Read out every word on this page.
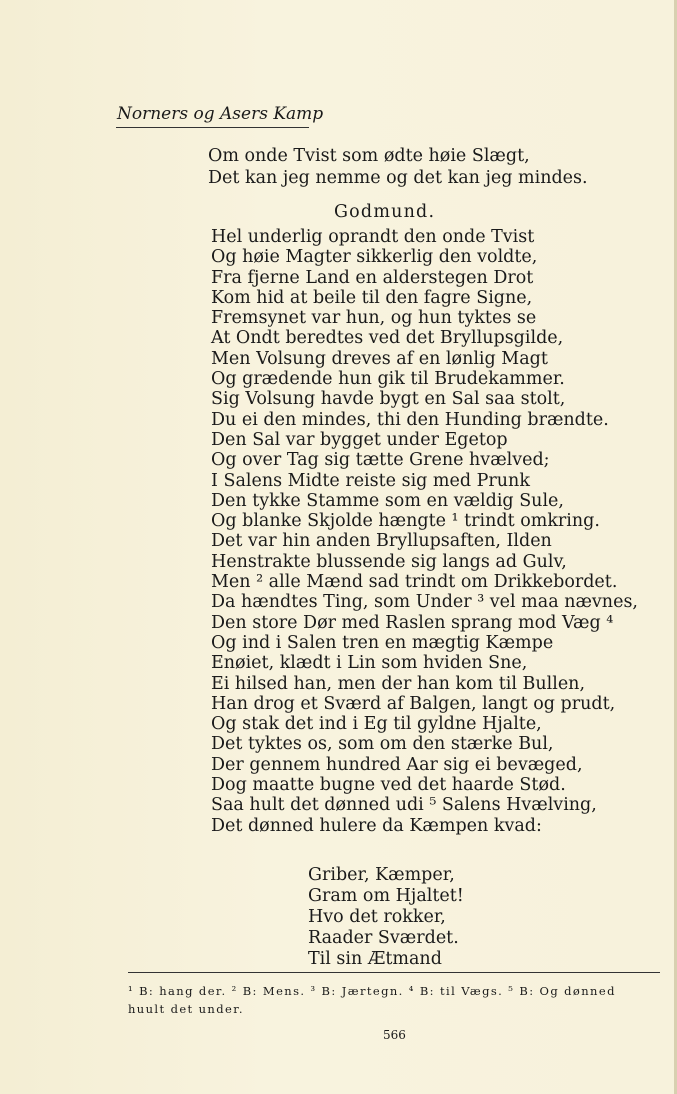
Norners og Asers Kamp
Om onde Tvist som ødte høie Slægt,
Det kan jeg nemme og det kan jeg mindes.
Godmund.
Hel underlig oprandt den onde Tvist
Og høie Magter sikkerlig den voldte,
Fra fjerne Land en alderstegen Drot
Kom hid at beile til den fagre Signe,
Fremsynet var hun, og hun tyktes se
At Ondt beredtes ved det Bryllupsgilde,
Men Volsung dreves af en lønlig Magt
Og grædende hun gik til Brudekammer.
Sig Volsung havde bygt en Sal saa stolt,
Du ei den mindes, thi den Hunding brændte.
Den Sal var bygget under Egetop
Og over Tag sig tætte Grene hvælved;
I Salens Midte reiste sig med Prunk
Den tykke Stamme som en vældig Sule,
Og blanke Skjolde hængte ¹ trindt omkring.
Det var hin anden Bryllupsaften, Ilden
Henstrakte blussende sig langs ad Gulv,
Men ² alle Mænd sad trindt om Drikkebordet.
Da hændtes Ting, som Under ³ vel maa nævnes,
Den store Dør med Raslen sprang mod Væg ⁴
Og ind i Salen tren en mægtig Kæmpe
Enøiet, klædt i Lin som hviden Sne,
Ei hilsed han, men der han kom til Bullen,
Han drog et Sværd af Balgen, langt og prudt,
Og stak det ind i Eg til gyldne Hjalte,
Det tyktes os, som om den stærke Bul,
Der gennem hundred Aar sig ei bevæged,
Dog maatte bugne ved det haarde Stød.
Saa hult det dønned udi ⁵ Salens Hvælving,
Det dønned hulere da Kæmpen kvad:
Griber, Kæmper,
Gram om Hjaltet!
Hvo det rokker,
Raader Sværdet.
Til sin Ætmand
¹ B: hang der. ² B: Mens. ³ B: Jærtegn. ⁴ B: til Vægs. ⁵ B: Og dønned
huult det under.
566
